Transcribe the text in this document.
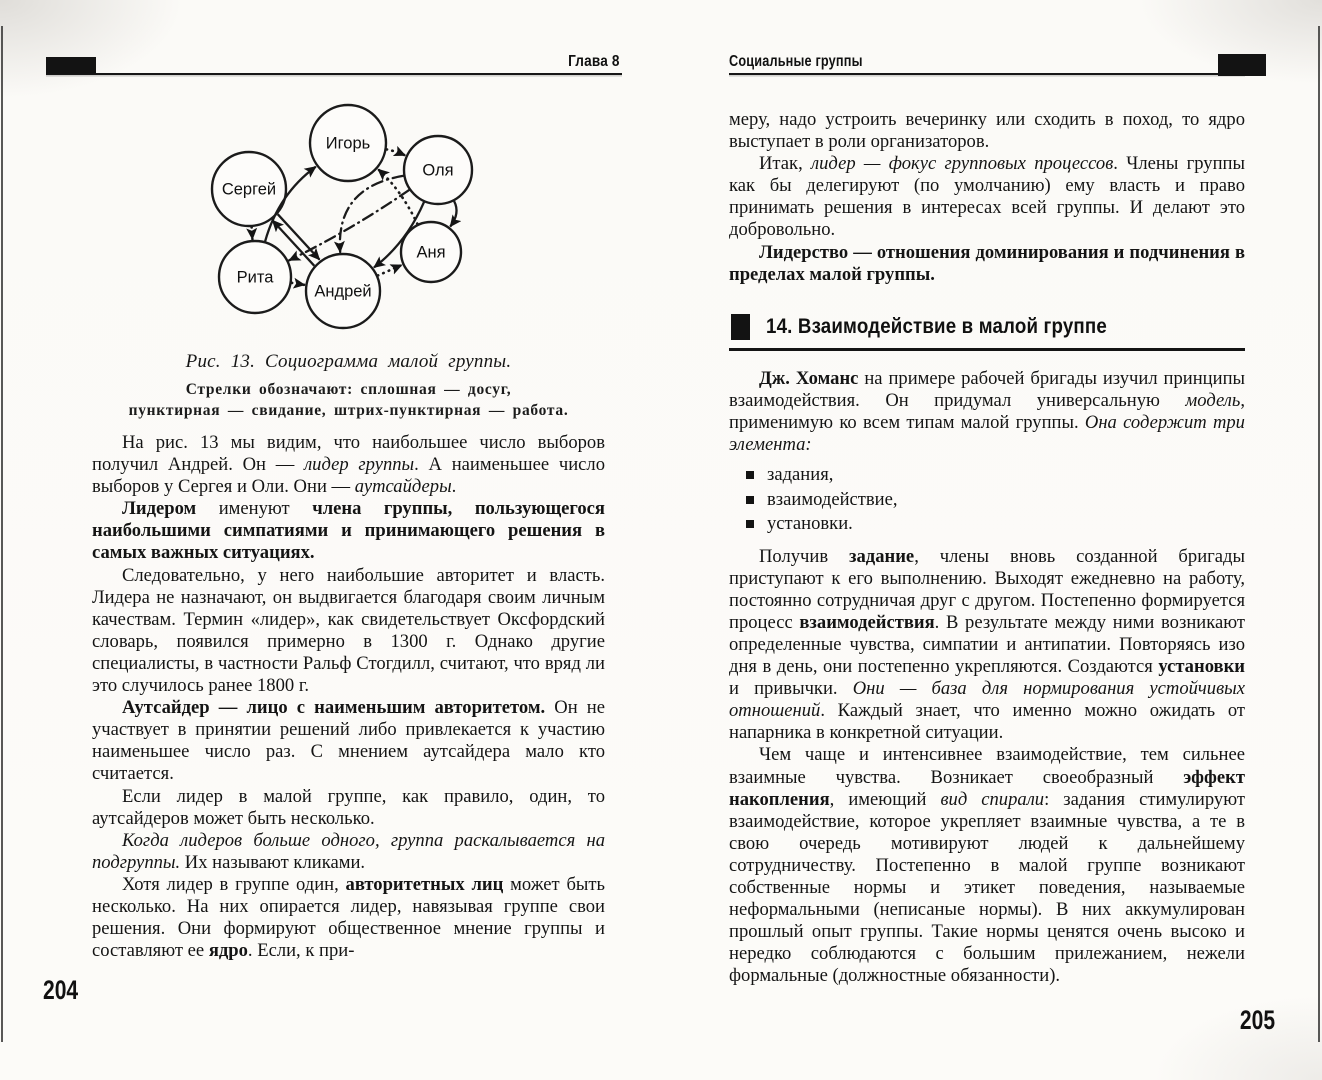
Глава 8
Игорь
Оля
Сергей
Аня
Рита
Андрей
Рис. 13. Социограмма малой группы.
Стрелки обозначают: сплошная — досуг,
пунктирная — свидание, штрих-пунктирная — работа.

На рис. 13 мы видим, что наибольшее число выборов получил Андрей. Он — лидер группы. А наименьшее число выборов у Сергея и Оли. Они — аутсайдеры.

Лидером именуют члена группы, пользующегося наибольшими симпатиями и принимающего решения в самых важных ситуациях.

Следовательно, у него наибольшие авторитет и власть. Лидера не назначают, он выдвигается благодаря своим личным качествам. Термин «лидер», как свидетельствует Оксфордский словарь, появился примерно в 1300 г. Однако другие специалисты, в частности Ральф Стогдилл, считают, что вряд ли это случилось ранее 1800 г.

Аутсайдер — лицо с наименьшим авторитетом. Он не участвует в принятии решений либо привлекается к участию наименьшее число раз. С мнением аутсайдера мало кто считается.

Если лидер в малой группе, как правило, один, то аутсайдеров может быть несколько.

Когда лидеров больше одного, группа раскалывается на подгруппы. Их называют кликами.

Хотя лидер в группе один, авторитетных лиц может быть несколько. На них опирается лидер, навязывая группе свои решения. Они формируют общественное мнение группы и составляют ее ядро. Если, к при-

204
Социальные группы

меру, надо устроить вечеринку или сходить в поход, то ядро выступает в роли организаторов.

Итак, лидер — фокус групповых процессов. Члены группы как бы делегируют (по умолчанию) ему власть и право принимать решения в интересах всей группы. И делают это добровольно.

Лидерство — отношения доминирования и подчинения в пределах малой группы.

14. Взаимодействие в малой группе

Дж. Хоманс на примере рабочей бригады изучил принципы взаимодействия. Он придумал универсальную модель, применимую ко всем типам малой группы. Она содержит три элемента:

задания,
взаимодействие,
установки.

Получив задание, члены вновь созданной бригады приступают к его выполнению. Выходят ежедневно на работу, постоянно сотрудничая друг с другом. Постепенно формируется процесс взаимодействия. В результате между ними возникают определенные чувства, симпатии и антипатии. Повторяясь изо дня в день, они постепенно укрепляются. Создаются установки и привычки. Они — база для нормирования устойчивых отношений. Каждый знает, что именно можно ожидать от напарника в конкретной ситуации.

Чем чаще и интенсивнее взаимодействие, тем сильнее взаимные чувства. Возникает своеобразный эффект накопления, имеющий вид спирали: задания стимулируют взаимодействие, которое укрепляет взаимные чувства, а те в свою очередь мотивируют людей к дальнейшему сотрудничеству. Постепенно в малой группе возникают собственные нормы и этикет поведения, называемые неформальными (неписаные нормы). В них аккумулирован прошлый опыт группы. Такие нормы ценятся очень высоко и нередко соблюдаются с большим прилежанием, нежели формальные (должностные обязанности).

205
